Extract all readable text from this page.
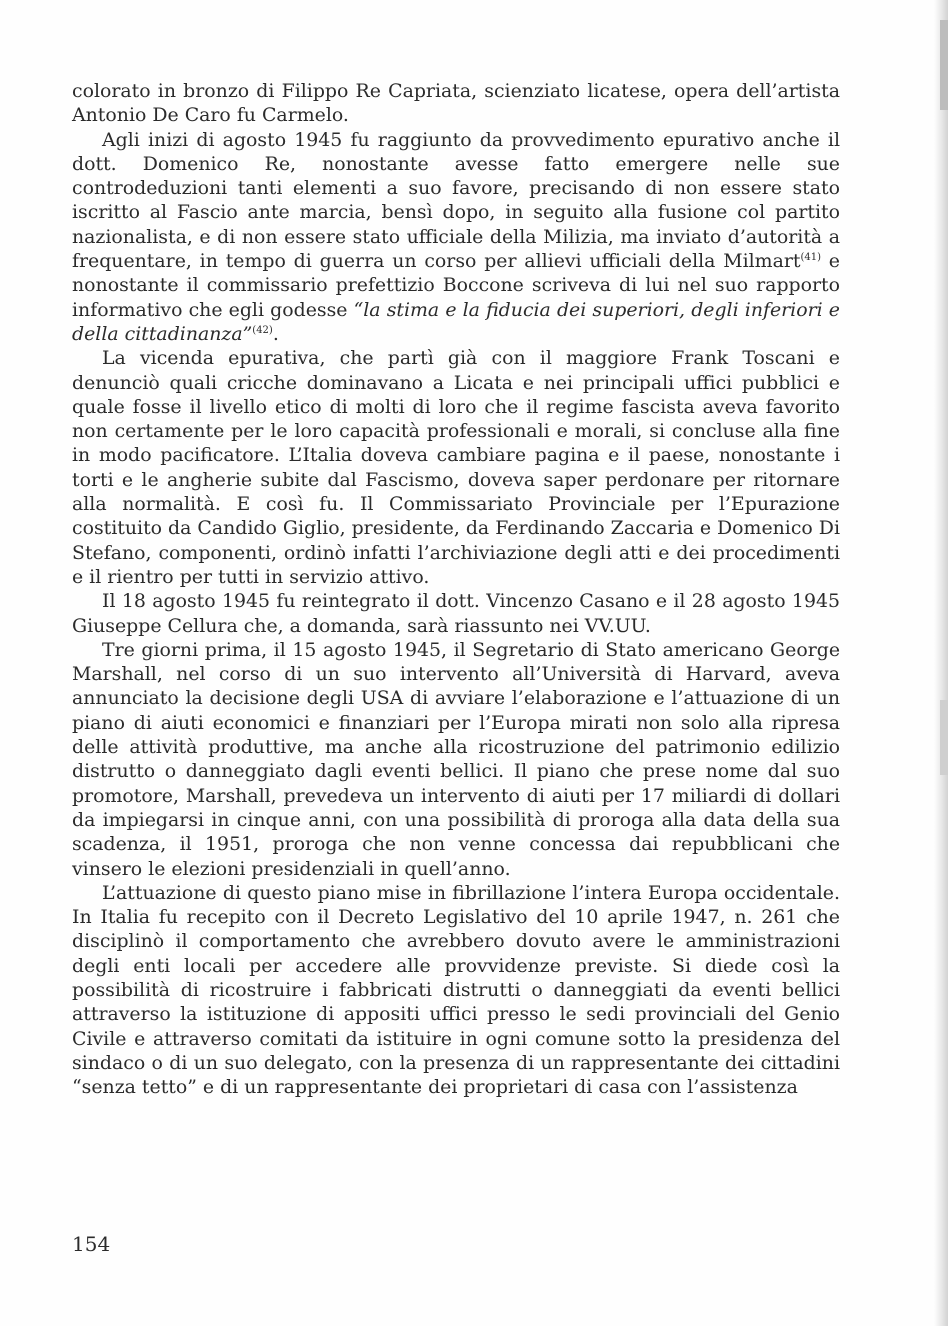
colorato in bronzo di Filippo Re Capriata, scienziato licatese, opera dell’artista Antonio De Caro fu Carmelo.

Agli inizi di agosto 1945 fu raggiunto da provvedimento epurativo anche il dott. Domenico Re, nonostante avesse fatto emergere nelle sue controdeduzioni tanti elementi a suo favore, precisando di non essere stato iscritto al Fascio ante marcia, bensì dopo, in seguito alla fusione col partito nazionalista, e di non essere stato ufficiale della Milizia, ma inviato d’autorità a frequentare, in tempo di guerra un corso per allievi ufficiali della Milmart$^{(41)}$ e nonostante il commissario prefettizio Boccone scriveva di lui nel suo rapporto informativo che egli godesse “la stima e la fiducia dei superiori, degli inferiori e della cittadinanza”$^{(42)}$.

La vicenda epurativa, che partì già con il maggiore Frank Toscani e denunciò quali cricche dominavano a Licata e nei principali uffici pubblici e quale fosse il livello etico di molti di loro che il regime fascista aveva favorito non certamente per le loro capacità professionali e morali, si concluse alla fine in modo pacificatore. L’Italia doveva cambiare pagina e il paese, nonostante i torti e le angherie subite dal Fascismo, doveva saper perdonare per ritornare alla normalità. E così fu. Il Commissariato Provinciale per l’Epurazione costituito da Candido Giglio, presidente, da Ferdinando Zaccaria e Domenico Di Stefano, componenti, ordinò infatti l’archiviazione degli atti e dei procedimenti e il rientro per tutti in servizio attivo.

Il 18 agosto 1945 fu reintegrato il dott. Vincenzo Casano e il 28 agosto 1945 Giuseppe Cellura che, a domanda, sarà riassunto nei VV.UU.

Tre giorni prima, il 15 agosto 1945, il Segretario di Stato americano George Marshall, nel corso di un suo intervento all’Università di Harvard, aveva annunciato la decisione degli USA di avviare l’elaborazione e l’attuazione di un piano di aiuti economici e finanziari per l’Europa mirati non solo alla ripresa delle attività produttive, ma anche alla ricostruzione del patrimonio edilizio distrutto o danneggiato dagli eventi bellici. Il piano che prese nome dal suo promotore, Marshall, prevedeva un intervento di aiuti per 17 miliardi di dollari da impiegarsi in cinque anni, con una possibilità di proroga alla data della sua scadenza, il 1951, proroga che non venne concessa dai repubblicani che vinsero le elezioni presidenziali in quell’anno.

L’attuazione di questo piano mise in fibrillazione l’intera Europa occidentale. In Italia fu recepito con il Decreto Legislativo del 10 aprile 1947, n. 261 che disciplinò il comportamento che avrebbero dovuto avere le amministrazioni degli enti locali per accedere alle provvidenze previste. Si diede così la possibilità di ricostruire i fabbricati distrutti o danneggiati da eventi bellici attraverso la istituzione di appositi uffici presso le sedi provinciali del Genio Civile e attraverso comitati da istituire in ogni comune sotto la presidenza del sindaco o di un suo delegato, con la presenza di un rappresentante dei cittadini “senza tetto” e di un rappresentante dei proprietari di casa con l’assistenza

154
